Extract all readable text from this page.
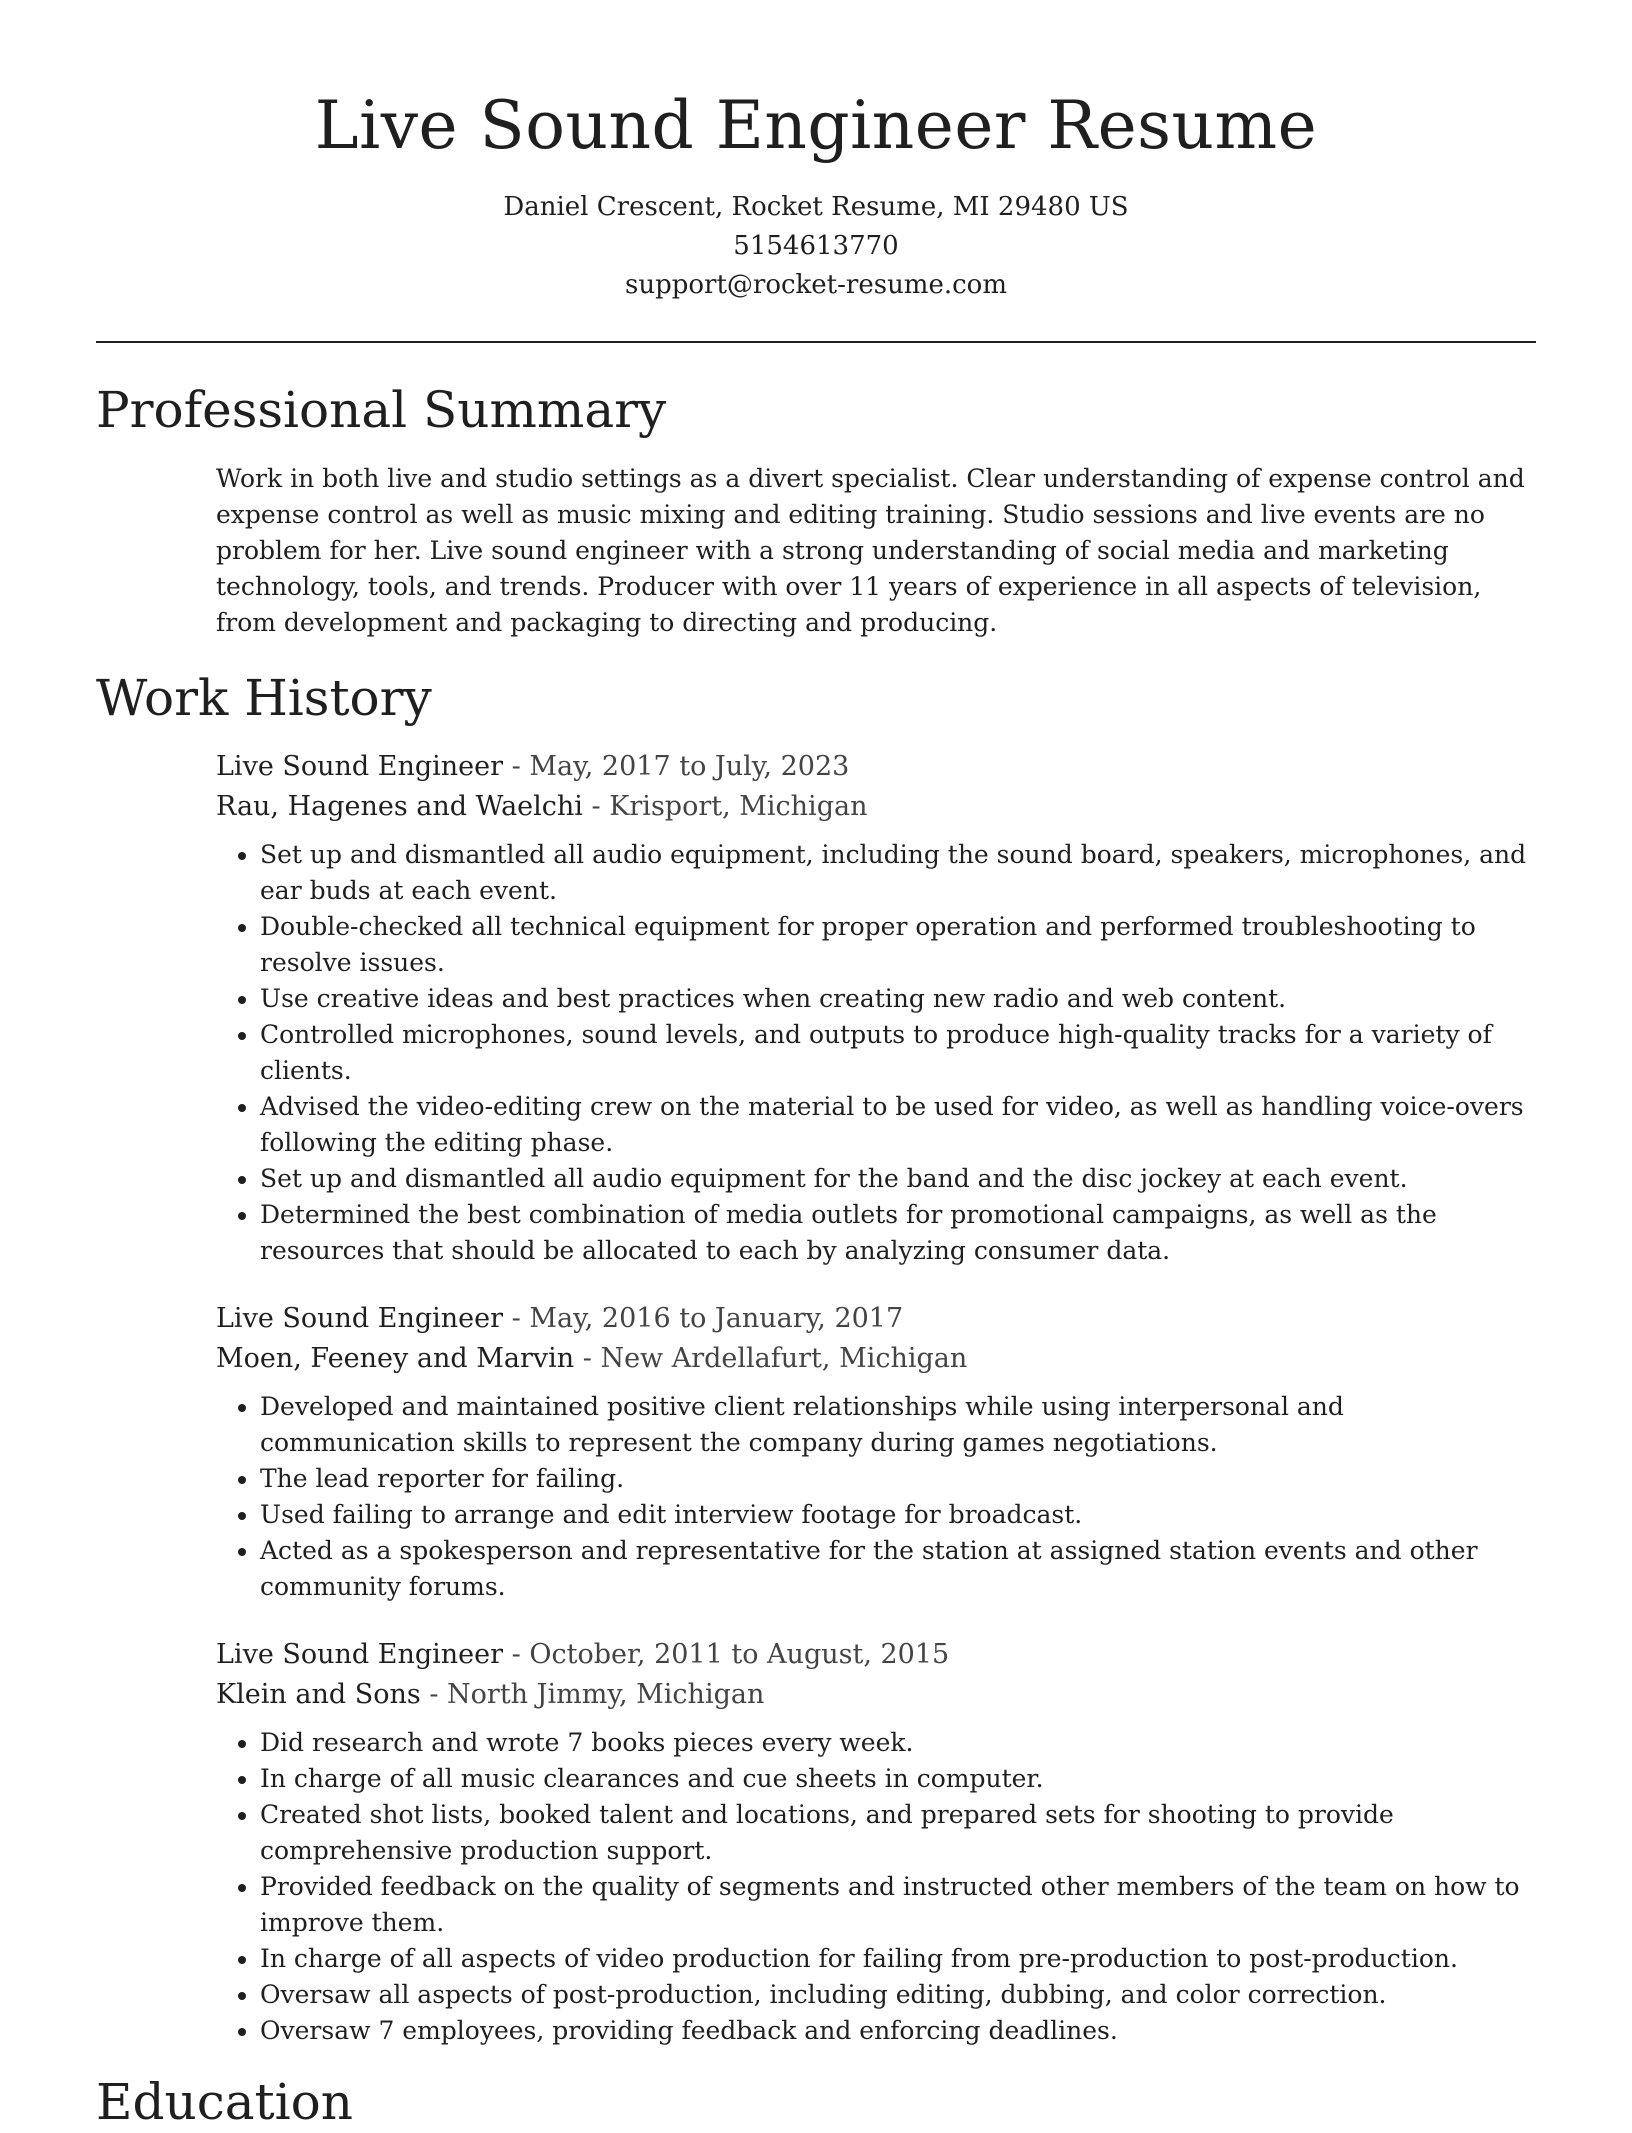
Live Sound Engineer Resume
Daniel Crescent, Rocket Resume, MI 29480 US
5154613770
support@rocket-resume.com
Professional Summary
Work in both live and studio settings as a divert specialist. Clear understanding of expense control and expense control as well as music mixing and editing training. Studio sessions and live events are no problem for her. Live sound engineer with a strong understanding of social media and marketing technology, tools, and trends. Producer with over 11 years of experience in all aspects of television, from development and packaging to directing and producing.
Work History
Live Sound Engineer - May, 2017 to July, 2023
Rau, Hagenes and Waelchi - Krisport, Michigan
• Set up and dismantled all audio equipment, including the sound board, speakers, microphones, and ear buds at each event.
• Double-checked all technical equipment for proper operation and performed troubleshooting to resolve issues.
• Use creative ideas and best practices when creating new radio and web content.
• Controlled microphones, sound levels, and outputs to produce high-quality tracks for a variety of clients.
• Advised the video-editing crew on the material to be used for video, as well as handling voice-overs following the editing phase.
• Set up and dismantled all audio equipment for the band and the disc jockey at each event.
• Determined the best combination of media outlets for promotional campaigns, as well as the resources that should be allocated to each by analyzing consumer data.
Live Sound Engineer - May, 2016 to January, 2017
Moen, Feeney and Marvin - New Ardellafurt, Michigan
• Developed and maintained positive client relationships while using interpersonal and communication skills to represent the company during games negotiations.
• The lead reporter for failing.
• Used failing to arrange and edit interview footage for broadcast.
• Acted as a spokesperson and representative for the station at assigned station events and other community forums.
Live Sound Engineer - October, 2011 to August, 2015
Klein and Sons - North Jimmy, Michigan
• Did research and wrote 7 books pieces every week.
• In charge of all music clearances and cue sheets in computer.
• Created shot lists, booked talent and locations, and prepared sets for shooting to provide comprehensive production support.
• Provided feedback on the quality of segments and instructed other members of the team on how to improve them.
• In charge of all aspects of video production for failing from pre-production to post-production.
• Oversaw all aspects of post-production, including editing, dubbing, and color correction.
• Oversaw 7 employees, providing feedback and enforcing deadlines.
Education
